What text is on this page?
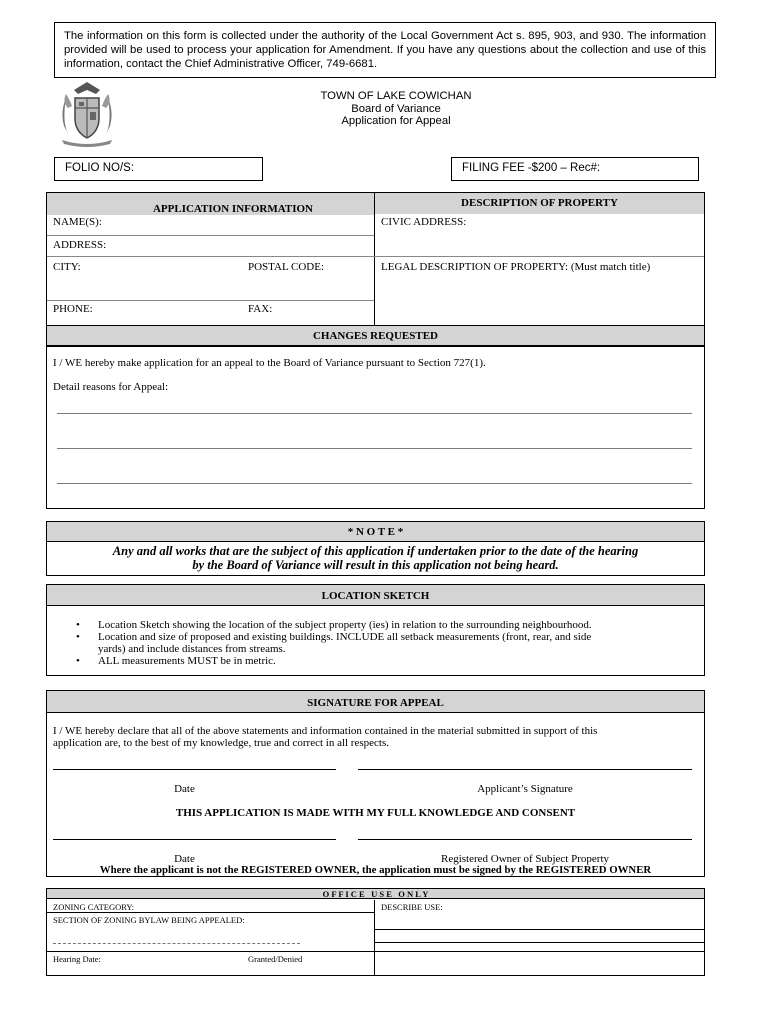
The information on this form is collected under the authority of the Local Government Act s. 895, 903, and 930. The information provided will be used to process your application for Amendment. If you have any questions about the collection and use of this information, contact the Chief Administrative Officer, 749-6681.
TOWN OF LAKE COWICHAN
Board of Variance
Application for Appeal
FOLIO NO/S:	FILING FEE -$200 – Rec#:
APPLICATION INFORMATION	DESCRIPTION OF PROPERTY
NAME(S):	CIVIC ADDRESS:
ADDRESS:
CITY:	POSTAL CODE:	LEGAL DESCRIPTION OF PROPERTY: (Must match title)
PHONE:	FAX:
CHANGES REQUESTED
I / WE hereby make application for an appeal to the Board of Variance pursuant to Section 727(1).
Detail reasons for Appeal:
* N O T E *
Any and all works that are the subject of this application if undertaken prior to the date of the hearing
by the Board of Variance will result in this application not being heard.
LOCATION SKETCH
• Location Sketch showing the location of the subject property (ies) in relation to the surrounding neighbourhood.
• Location and size of proposed and existing buildings. INCLUDE all setback measurements (front, rear, and side
yards) and include distances from streams.
• ALL measurements MUST be in metric.
SIGNATURE FOR APPEAL
I / WE hereby declare that all of the above statements and information contained in the material submitted in support of this
application are, to the best of my knowledge, true and correct in all respects.
Date	Applicant’s Signature
THIS APPLICATION IS MADE WITH MY FULL KNOWLEDGE AND CONSENT
Date	Registered Owner of Subject Property
Where the applicant is not the REGISTERED OWNER, the application must be signed by the REGISTERED OWNER
O F F I C E   U S E   O N L Y
ZONING CATEGORY:	DESCRIBE USE:
SECTION OF ZONING BYLAW BEING APPEALED:
Hearing Date:	Granted/Denied
